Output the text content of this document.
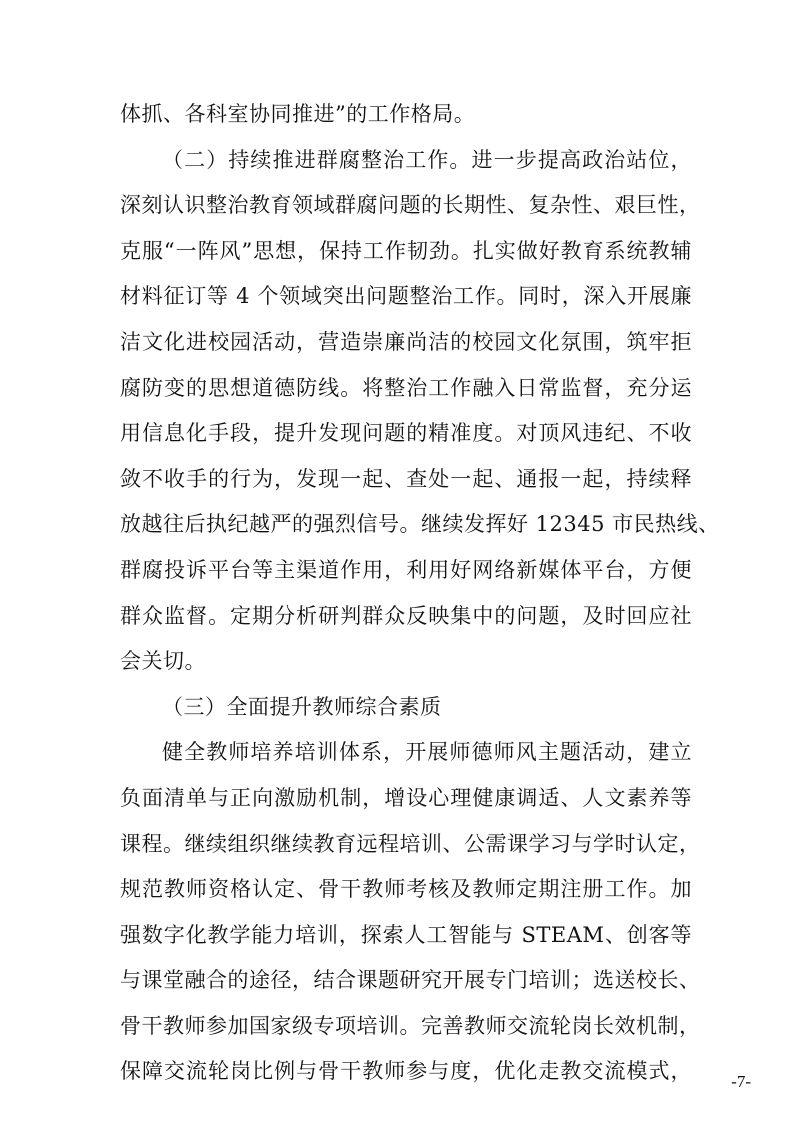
体抓、各科室协同推进”的工作格局。
（二）持续推进群腐整治工作。进一步提高政治站位，
深刻认识整治教育领域群腐问题的长期性、复杂性、艰巨性，
克服“一阵风”思想，保持工作韧劲。扎实做好教育系统教辅
材料征订等 4 个领域突出问题整治工作。同时，深入开展廉
洁文化进校园活动，营造崇廉尚洁的校园文化氛围，筑牢拒
腐防变的思想道德防线。将整治工作融入日常监督，充分运
用信息化手段，提升发现问题的精准度。对顶风违纪、不收
敛不收手的行为，发现一起、查处一起、通报一起，持续释
放越往后执纪越严的强烈信号。继续发挥好 12345 市民热线、
群腐投诉平台等主渠道作用，利用好网络新媒体平台，方便
群众监督。定期分析研判群众反映集中的问题，及时回应社
会关切。
（三）全面提升教师综合素质
健全教师培养培训体系，开展师德师风主题活动，建立
负面清单与正向激励机制，增设心理健康调适、人文素养等
课程。继续组织继续教育远程培训、公需课学习与学时认定，
规范教师资格认定、骨干教师考核及教师定期注册工作。加
强数字化教学能力培训，探索人工智能与 STEAM、创客等
与课堂融合的途径，结合课题研究开展专门培训；选送校长、
骨干教师参加国家级专项培训。完善教师交流轮岗长效机制，
保障交流轮岗比例与骨干教师参与度，优化走教交流模式， -7-
